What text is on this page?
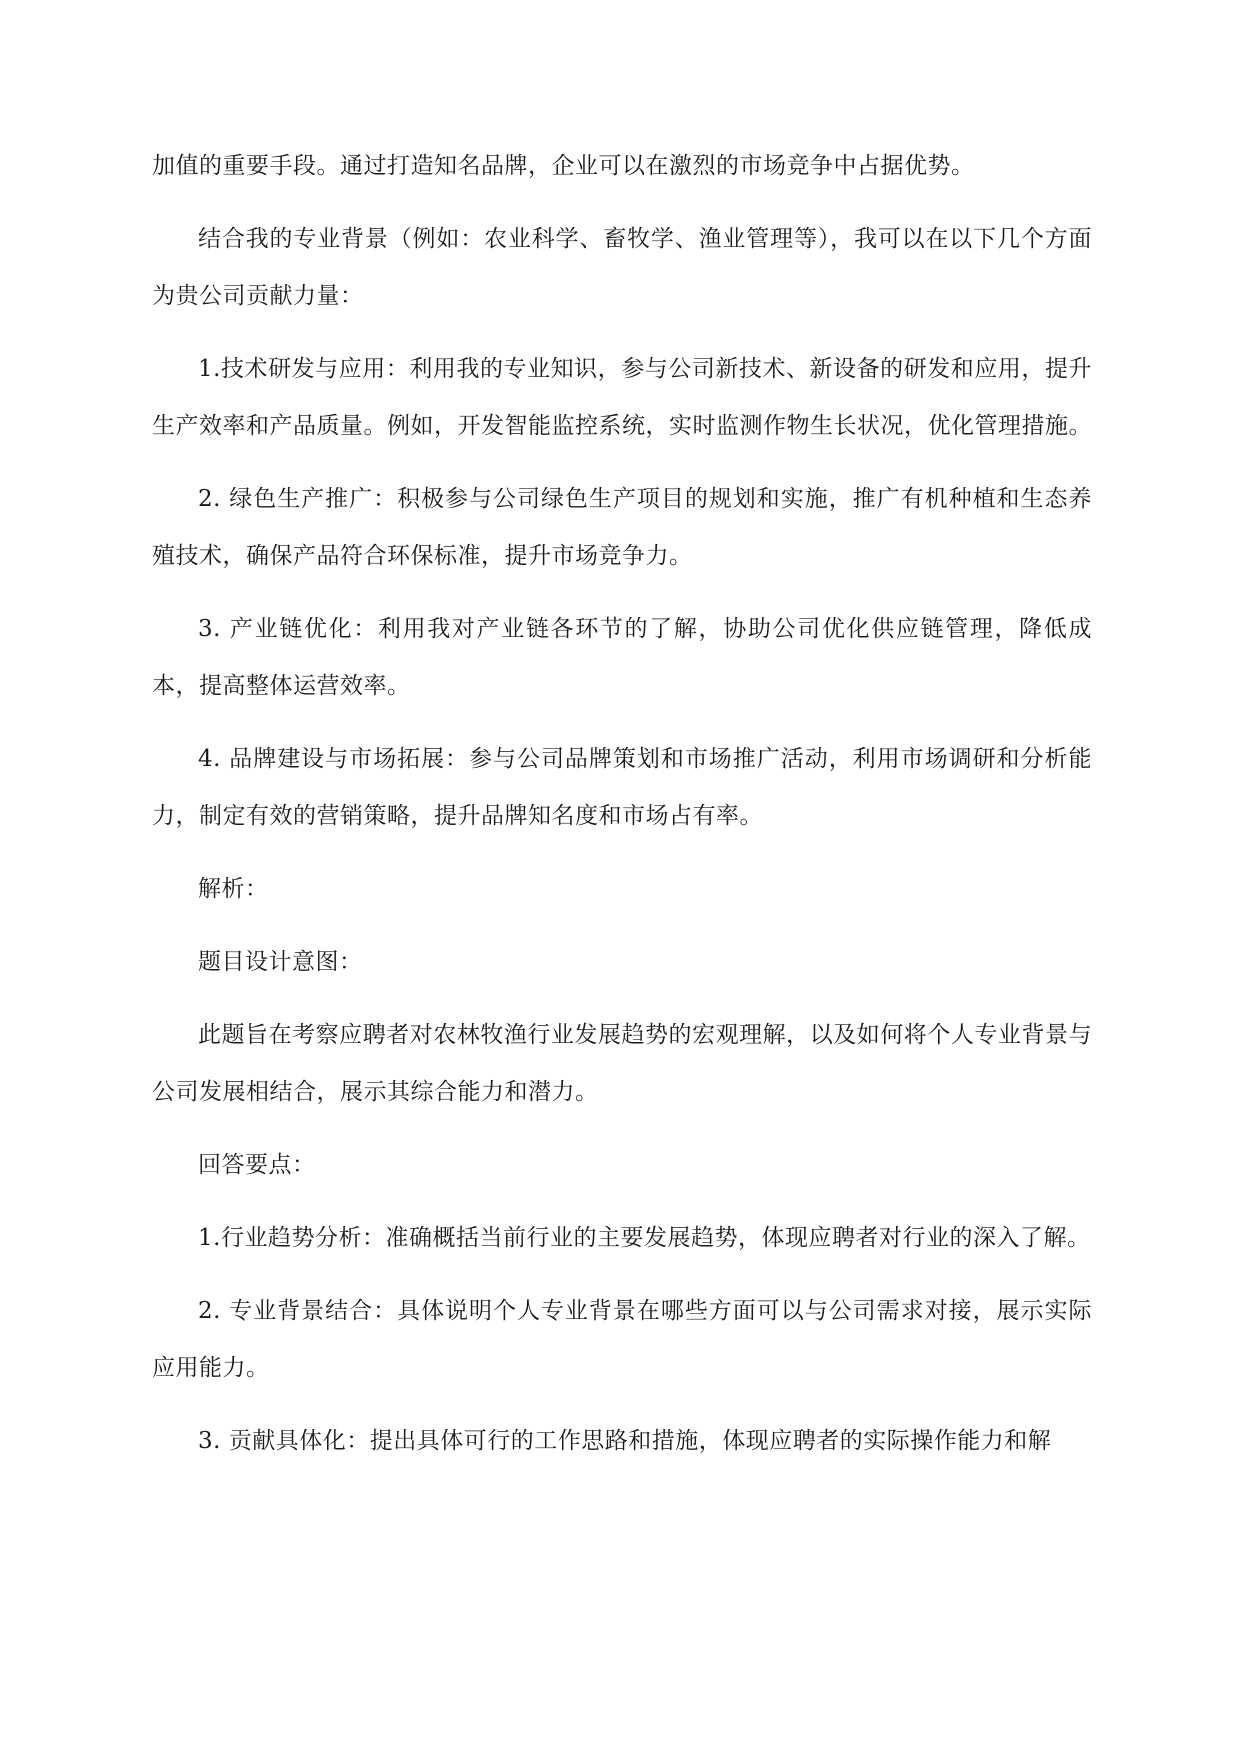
加值的重要手段。通过打造知名品牌，企业可以在激烈的市场竞争中占据优势。

结合我的专业背景（例如：农业科学、畜牧学、渔业管理等），我可以在以下几个方面为贵公司贡献力量：

1.技术研发与应用：利用我的专业知识，参与公司新技术、新设备的研发和应用，提升生产效率和产品质量。例如，开发智能监控系统，实时监测作物生长状况，优化管理措施。

2. 绿色生产推广：积极参与公司绿色生产项目的规划和实施，推广有机种植和生态养殖技术，确保产品符合环保标准，提升市场竞争力。

3. 产业链优化：利用我对产业链各环节的了解，协助公司优化供应链管理，降低成本，提高整体运营效率。

4. 品牌建设与市场拓展：参与公司品牌策划和市场推广活动，利用市场调研和分析能力，制定有效的营销策略，提升品牌知名度和市场占有率。

解析：

题目设计意图：

此题旨在考察应聘者对农林牧渔行业发展趋势的宏观理解，以及如何将个人专业背景与公司发展相结合，展示其综合能力和潜力。

回答要点：

1.行业趋势分析：准确概括当前行业的主要发展趋势，体现应聘者对行业的深入了解。

2. 专业背景结合：具体说明个人专业背景在哪些方面可以与公司需求对接，展示实际应用能力。

3. 贡献具体化：提出具体可行的工作思路和措施，体现应聘者的实际操作能力和解
